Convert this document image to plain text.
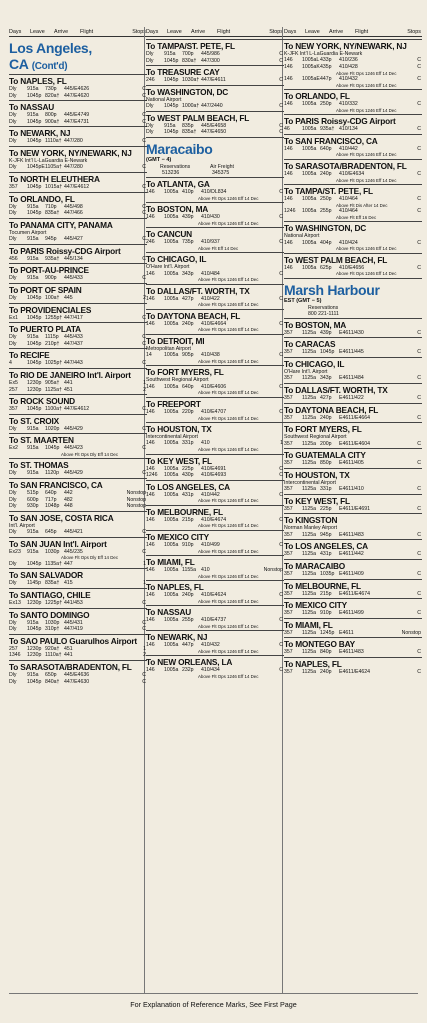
Days Leave Arrive Flight	Stops Days Leave Arrive Flight	Stops Days Leave Arrive Flight	Stops
Los Angeles,
CA (Cont'd)
To NAPLES, FL
Dly 915a 730p 445/E4626	C
Dly 1045p 820a† 447/E4620	C
To NASSAU
Dly 915a 800p 445/E4749	C
Dly 1045p 900a† 447/E4731	C
To NEWARK, NJ
Dly 1045p 1110a† 447/280	C
To NEW YORK, NY/NEWARK, NJ
K-JFK Int'l L-LaGuardia E-Newark
Dly 1045pE 1105a† 447/280	C
To NORTH ELEUTHERA
357 1045p 1015a† 447/E4612	C
To ORLANDO, FL
Dly 915a 710p 445/498	C
Dly 1045p 835a† 447/466	C
To PANAMA CITY, PANAMA
Tocumen Airport
Dly 915a 945p 445/427	C
To PARIS Roissy-CDG Airport
456 915a 935a† 445/134	C
To PORT-AU-PRINCE
Dly 915a 900p 445/433	C
To PORT OF SPAIN
Dly 1045p 100a† 445	2
To PROVIDENCIALES
Ex1 1045p 1255p† 447/417	C
To PUERTO PLATA
Dly 915a 1115p 445/433	C
Dly 1045p 210p† 447/437	C
To RECIFE
4	1045p 1025p† 447/443	C
To RIO DE JANEIRO Int'l. Airport
Ex5 1230p 905a† 441	1
257 1230p 1125a† 451	2
To ROCK SOUND
357 1045p 1100a† 447/E4612	C
To ST. CROIX
Dly 915a 1020p 445/429	C
To ST. MAARTEN
Ex2 915a 1045p 445/423	C
Above Flt Ops Dly Eff 14 Dec
To ST. THOMAS
Dly 915a 1120p 445/429	C
To SAN FRANCISCO, CA
Dly 515p 640p 442	Nonstop
Dly 600p 717p 482	Nonstop
Dly 930p 1048p 448	Nonstop
To SAN JOSE, COSTA RICA
Int'l. Airport
Dly 915a 645p 445/421	C
To SAN JUAN Int'l. Airport
Ex23 915a 1030p 445/235	C
Above Flt Ops Dly Eff 14 Dec
Dly 1045p 1135a† 447	1
To SAN SALVADOR
Dly 1145p 835a† 415	1
To SANTIAGO, CHILE
Ex13 1230p 1225p† 441/453	C
To SANTO DOMINGO
Dly 915a 1030p 445/431	C
Dly 1045p 310p† 447/419	C
To SAO PAULO Guarulhos Airport
257 1230p 920a† 451	1
1346 1230p 1110a† 441	2
To SARASOTA/BRADENTON, FL
Dly 915a 650p 445/E4636	C
Dly 1045p 840a† 447/E4630	C
To TAMPA/ST. PETE, FL
Dly 915a 700p 445/986	C
Dly 1045p 830a† 447/300	C
To TREASURE CAY
246 1045p 1030a† 447/E4611	C
To WASHINGTON, DC
National Airport
Dly 1045p 1000a† 447/2440	C
To WEST PALM BEACH, FL
Dly 915a 835p 445/E4658	C
Dly 1045p 835a† 447/E4650	C
Maracaibo
(GMT − 4)
Reservations	Air Freight
513236	345375
To ATLANTA, GA
146 1005a 410p 410/DL834	C
Above Flt Ops 1246 Eff 14 Dec
To BOSTON, MA
146 1005a 439p 410/430	C
Above Flt Ops 1246 Eff 14 Dec
To CANCUN
246 1005a 735p 410/937	C
Above Flt Eff 14 Dec
To CHICAGO, IL
O'Hare Int'l. Airport
146 1005a 343p 410/484	C
Above Flt Ops 1246 Eff 14 Dec
To DALLAS/FT. WORTH, TX
146 1005a 427p 410/422	C
Above Flt Ops 1246 Eff 14 Dec
To DAYTONA BEACH, FL
146 1005a 240p 410/E4664	C
Above Flt Ops 1246 Eff 14 Dec
To DETROIT, MI
Metropolitan Airport
14 1005a 905p 410/438	C
Above Flt Ops 1246 Eff 14 Dec
To FORT MYERS, FL
Southwest Regional Airport
146 1005a 640p 410/E4606	C
Above Flt Ops 1246 Eff 14 Dec
To FREEPORT
146 1005a 220p 410/E4707	C
Above Flt Ops 1246 Eff 14 Dec
To HOUSTON, TX
Intercontinental Airport
146 1005a 331p 410	1
Above Flt Ops 1246 Eff 14 Dec
To KEY WEST, FL
146 1005a 225p 410/E4691	C
1246 1005a 430p 410/E4693	C
To LOS ANGELES, CA
146 1005a 431p 410/442	C
Above Flt Ops 1246 Eff 14 Dec
To MELBOURNE, FL
146 1005a 215p 410/E4674	C
Above Flt Ops 1246 Eff 14 Dec
To MEXICO CITY
146 1005a 910p 410/499	C
Above Flt Ops 1246 Eff 14 Dec
To MIAMI, FL
146 1005a 1155a 410	Nonstop
Above Flt Ops 1246 Eff 14 Dec
To NAPLES, FL
146 1005a 240p 410/E4624	C
Above Flt Ops 1246 Eff 14 Dec
To NASSAU
146 1005a 255p 410/E4737	C
Above Flt Ops 1246 Eff 14 Dec
To NEWARK, NJ
146 1005a 447p 410/432	C
Above Flt Ops 1246 Eff 14 Dec
To NEW ORLEANS, LA
146 1005a 232p 410/434	C
Above Flt Ops 1246 Eff 14 Dec
To NEW YORK, NY/NEWARK, NJ
K-JFK Int'l L-LaGuardia E-Newark
146 1005aL 433p 410/236	C
146 1005aK 435p 410/428	C
Above Flt Ops 1246 Eff 14 Dec
146 1005aE 447p 410/432	C
Above Flt Ops 1246 Eff 14 Dec
To ORLANDO, FL
146 1005a 250p 410/332	C
Above Flt Ops 1246 Eff 14 Dec
To PARIS Roissy-CDG Airport
46 1005a 935a† 410/134	C
To SAN FRANCISCO, CA
146 1005a 640p 410/442	C
Above Flt Ops 1246 Eff 14 Dec
To SARASOTA/BRADENTON, FL
146 1005a 240p 410/E4634	C
Above Flt Ops 1246 Eff 14 Dec
To TAMPA/ST. PETE, FL
146 1005a 250p 410/464	C
Above Flt Dis After 14 Dec
1246 1005a 255p 410/464	C
Above Flt Eff 16 Dec
To WASHINGTON, DC
National Airport
146 1005a 404p 410/424	C
Above Flt Ops 1246 Eff 14 Dec
To WEST PALM BEACH, FL
146 1005a 625p 410/E4656	C
Above Flt Ops 1246 Eff 14 Dec
Marsh Harbour
EST (GMT − 5)
Reservations
800 221-1111
To BOSTON, MA
357 1125a 439p E4611/430	C
To CARACAS
357 1125a 1045p E4611/445	C
To CHICAGO, IL
O'Hare Int'l. Airport
357 1125a 343p E4611/484	C
To DALLAS/FT. WORTH, TX
357 1125a 427p E4611/422	C
To DAYTONA BEACH, FL
357 1125a 240p E4611/E4664	C
To FORT MYERS, FL
Southwest Regional Airport
357 1125a 200p E4611/E4604	C
To GUATEMALA CITY
357 1125a 850p E4611/405	C
To HOUSTON, TX
Intercontinental Airport
357 1125a 331p E4611/410	C
To KEY WEST, FL
357 1125a 225p E4611/E4691	C
To KINGSTON
Norman Manley Airport
357 1125a 945p E4611/483	C
To LOS ANGELES, CA
357 1125a 431p E4611/442	C
To MARACAIBO
357 1125a 1035p E4611/409	C
To MELBOURNE, FL
357 1125a 215p E4611/E4674	C
To MEXICO CITY
357 1125a 910p E4611/499	C
To MIAMI, FL
357 1125a 1245p E4611	Nonstop
To MONTEGO BAY
357 1125a 840p E4611/483	C
To NAPLES, FL
357 1125a 240p E4611/E4624	C
For Explanation of Reference Marks, See First Page
